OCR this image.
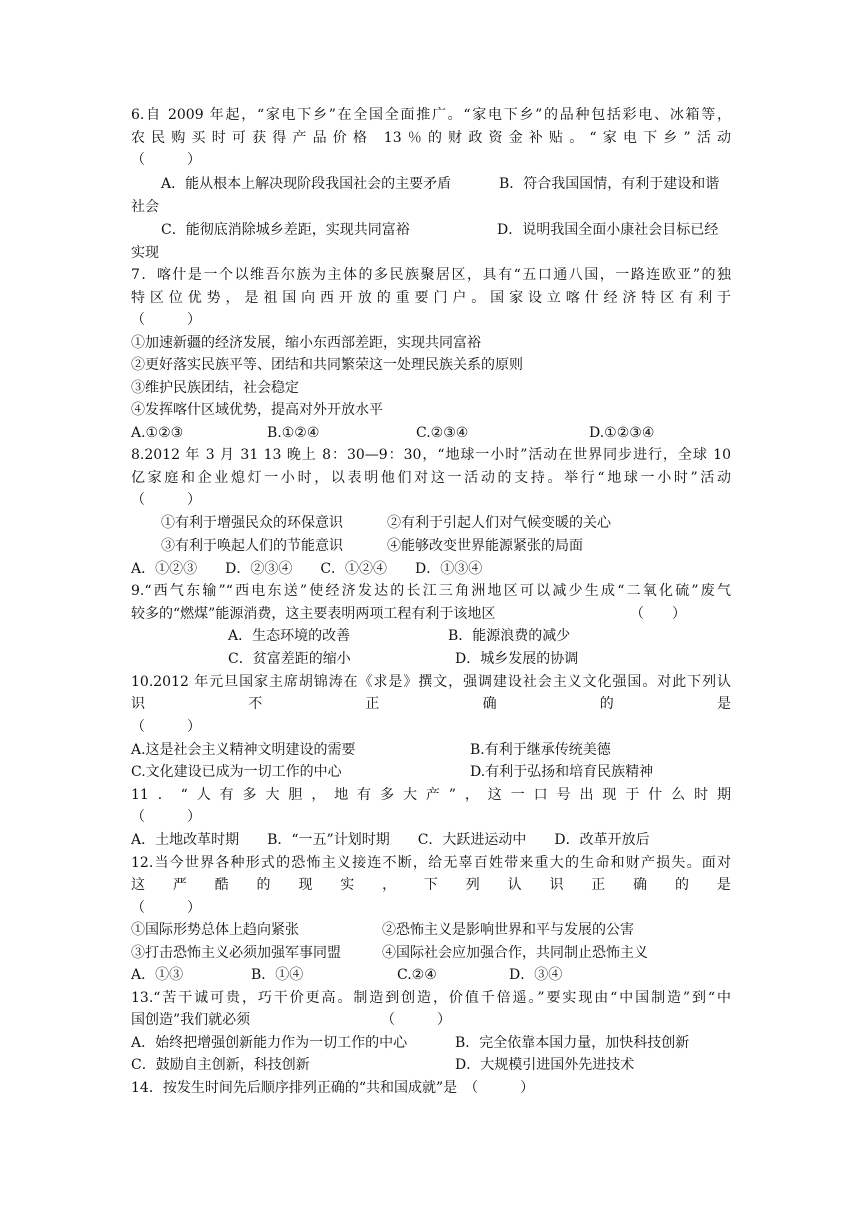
6.自 2009 年起，“家电下乡”在全国全面推广。“家电下乡”的品种包括彩电、冰箱等，
农民购买时可获得产品价格 13％的财政资金补贴。“家电下乡”活动
（　　　）
A．能从根本上解决现阶段我国社会的主要矛盾	B．符合我国国情，有利于建设和谐
社会
C．能彻底消除城乡差距，实现共同富裕	D．说明我国全面小康社会目标已经
实现
7．喀什是一个以维吾尔族为主体的多民族聚居区，具有“五口通八国，一路连欧亚”的独
特区位优势，是祖国向西开放的重要门户。国家设立喀什经济特区有利于
（　　　）
①加速新疆的经济发展，缩小东西部差距，实现共同富裕
②更好落实民族平等、团结和共同繁荣这一处理民族关系的原则
③维护民族团结，社会稳定
④发挥喀什区域优势，提高对外开放水平
A.①②③	B.①②④	C.②③④	D.①②③④
8.2012 年 3 月 31 13 晚上 8：30—9：30，“地球一小时”活动在世界同步进行，全球 10
亿家庭和企业熄灯一小时，以表明他们对这一活动的支持。举行“地球一小时”活动
（　　　）
①有利于增强民众的环保意识	②有利于引起人们对气候变暖的关心
③有利于唤起人们的节能意识	④能够改变世界能源紧张的局面
A．①②③　　D．②③④　　C．①②④　　D．①③④
9.“西气东输”“西电东送”使经济发达的长江三角洲地区可以减少生成“二氧化硫”废气
较多的“燃煤”能源消费，这主要表明两项工程有利于该地区	（　　）
A．生态环境的改善	B．能源浪费的减少
C．贫富差距的缩小	D．城乡发展的协调
10.2012 年元旦国家主席胡锦涛在《求是》撰文，强调建设社会主义文化强国。对此下列认
识	不	正	确	的	是
（　　　）
A.这是社会主义精神文明建设的需要	B.有利于继承传统美德
C.文化建设已成为一切工作的中心	D.有利于弘扬和培育民族精神
11．“人有多大胆，地有多大产”，这一口号出现于什么时期
（　　　）
A．土地改革时期　　B．“一五”计划时期　　C．大跃进运动中　　D．改革开放后
12.当今世界各种形式的恐怖主义接连不断，给无辜百姓带来重大的生命和财产损失。面对
这 严 酷 的 现 实 ， 下 列 认 识 正 确 的 是
（　　　）
①国际形势总体上趋向紧张	②恐怖主义是影响世界和平与发展的公害
③打击恐怖主义必须加强军事同盟	④国际社会应加强合作，共同制止恐怖主义
A．①③	B．①④	C.②④	D．③④
13.“苦干诚可贵，巧干价更高。制造到创造，价值千倍遥。”要实现由“中国制造”到“中
国创造”我们就必须	（　　　）
A．始终把增强创新能力作为一切工作的中心	B．完全依靠本国力量，加快科技创新
C．鼓励自主创新，科技创新	D．大规模引进国外先进技术
14．按发生时间先后顺序排列正确的“共和国成就”是　（　　　）
